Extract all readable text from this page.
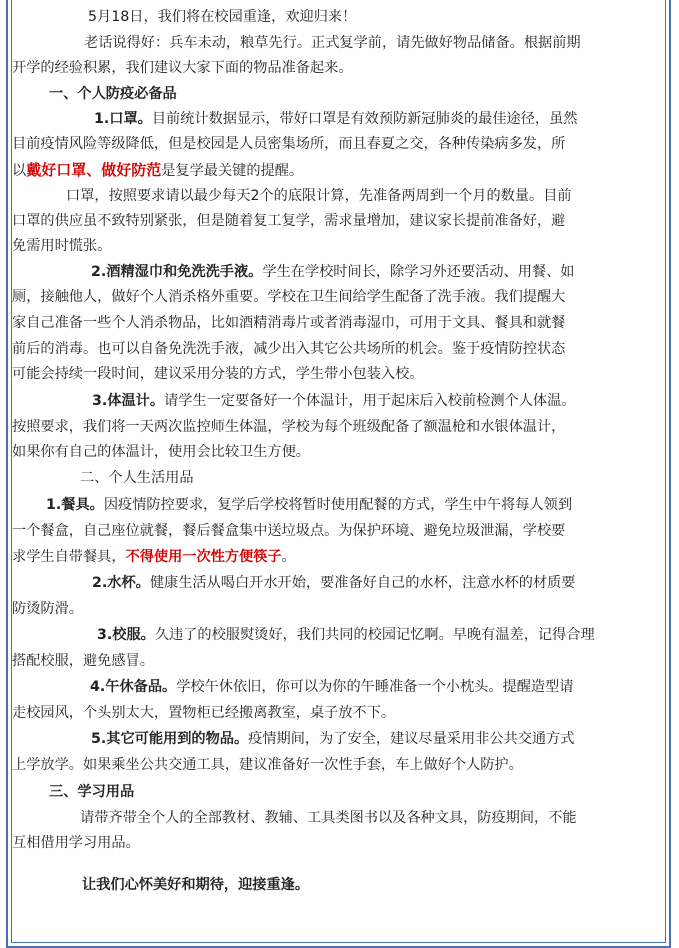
5月18日，我们将在校园重逢，欢迎归来！
老话说得好：兵车未动，粮草先行。正式复学前，请先做好物品储备。根据前期
开学的经验积累，我们建议大家下面的物品准备起来。
一、个人防疫必备品
1.口罩。目前统计数据显示，带好口罩是有效预防新冠肺炎的最佳途径，虽然
目前疫情风险等级降低，但是校园是人员密集场所，而且春夏之交，各种传染病多发，所
以戴好口罩、做好防范是复学最关键的提醒。
口罩，按照要求请以最少每天2个的底限计算，先准备两周到一个月的数量。目前
口罩的供应虽不致特别紧张，但是随着复工复学，需求量增加，建议家长提前准备好，避
免需用时慌张。
2.酒精湿巾和免洗洗手液。学生在学校时间长，除学习外还要活动、用餐、如
厕，接触他人，做好个人消杀格外重要。学校在卫生间给学生配备了洗手液。我们提醒大
家自己准备一些个人消杀物品，比如酒精消毒片或者消毒湿巾，可用于文具、餐具和就餐
前后的消毒。也可以自备免洗洗手液，减少出入其它公共场所的机会。鉴于疫情防控状态
可能会持续一段时间，建议采用分装的方式，学生带小包装入校。
3.体温计。请学生一定要备好一个体温计，用于起床后入校前检测个人体温。
按照要求，我们将一天两次监控师生体温，学校为每个班级配备了额温枪和水银体温计，
如果你有自己的体温计，使用会比较卫生方便。
二、个人生活用品
1.餐具。因疫情防控要求，复学后学校将暂时使用配餐的方式，学生中午将每人领到
一个餐盒，自己座位就餐，餐后餐盒集中送垃圾点。为保护环境、避免垃圾泄漏，学校要
求学生自带餐具，不得使用一次性方便筷子。
2.水杯。健康生活从喝白开水开始，要准备好自己的水杯，注意水杯的材质要
防烫防滑。
3.校服。久违了的校服熨烫好，我们共同的校园记忆啊。早晚有温差，记得合理
搭配校服，避免感冒。
4.午休备品。学校午休依旧，你可以为你的午睡准备一个小枕头。提醒造型请
走校园风，个头别太大，置物柜已经搬离教室，桌子放不下。
5.其它可能用到的物品。疫情期间，为了安全，建议尽量采用非公共交通方式
上学放学。如果乘坐公共交通工具，建议准备好一次性手套，车上做好个人防护。
三、学习用品
请带齐带全个人的全部教材、教辅、工具类图书以及各种文具，防疫期间，不能
互相借用学习用品。
让我们心怀美好和期待，迎接重逢。
